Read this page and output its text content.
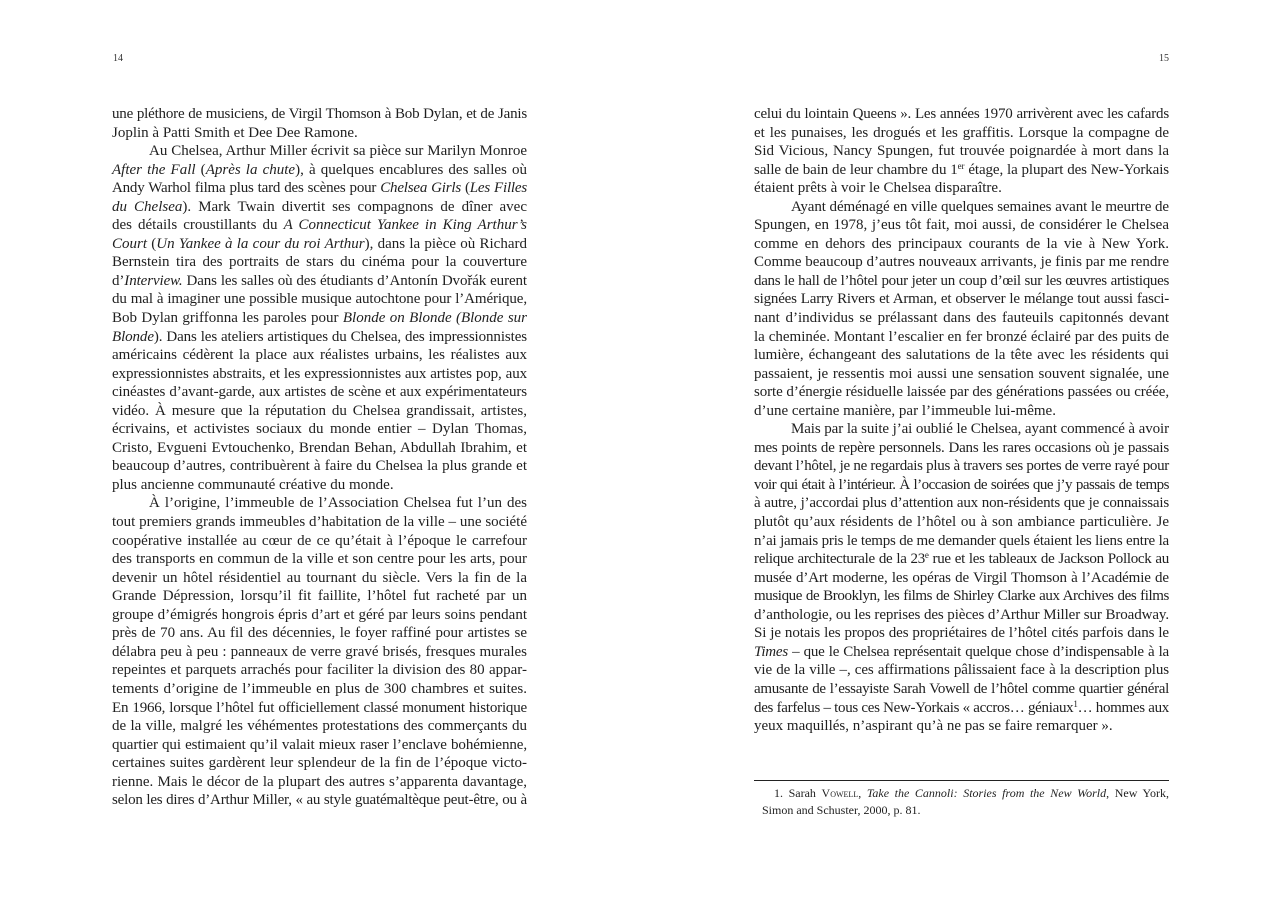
14	15
une pléthore de musiciens, de Virgil Thomson à Bob Dylan, et de Janis
Joplin à Patti Smith et Dee Dee Ramone.
Au Chelsea, Arthur Miller écrivit sa pièce sur Marilyn Monroe
After the Fall (Après la chute), à quelques encablures des salles où
Andy Warhol filma plus tard des scènes pour Chelsea Girls (Les Filles
du Chelsea). Mark Twain divertit ses compagnons de dîner avec
des détails croustillants du A Connecticut Yankee in King Arthur’s
Court (Un Yankee à la cour du roi Arthur), dans la pièce où Richard
Bernstein tira des portraits de stars du cinéma pour la couverture
d’Interview. Dans les salles où des étudiants d’Antonín Dvořák eurent
du mal à imaginer une possible musique autochtone pour l’Amérique,
Bob Dylan griffonna les paroles pour Blonde on Blonde (Blonde sur
Blonde). Dans les ateliers artistiques du Chelsea, des impressionnistes
américains cédèrent la place aux réalistes urbains, les réalistes aux
expressionnistes abstraits, et les expressionnistes aux artistes pop, aux
cinéastes d’avant-garde, aux artistes de scène et aux expérimentateurs
vidéo. À mesure que la réputation du Chelsea grandissait, artistes,
écrivains, et activistes sociaux du monde entier – Dylan Thomas,
Cristo, Evgueni Evtouchenko, Brendan Behan, Abdullah Ibrahim, et
beaucoup d’autres, contribuèrent à faire du Chelsea la plus grande et
plus ancienne communauté créative du monde.
À l’origine, l’immeuble de l’Association Chelsea fut l’un des
tout premiers grands immeubles d’habitation de la ville – une société
coopérative installée au cœur de ce qu’était à l’époque le carrefour
des transports en commun de la ville et son centre pour les arts, pour
devenir un hôtel résidentiel au tournant du siècle. Vers la fin de la
Grande Dépression, lorsqu’il fit faillite, l’hôtel fut racheté par un
groupe d’émigrés hongrois épris d’art et géré par leurs soins pendant
près de 70 ans. Au fil des décennies, le foyer raffiné pour artistes se
délabra peu à peu : panneaux de verre gravé brisés, fresques murales
repeintes et parquets arrachés pour faciliter la division des 80 appar-
tements d’origine de l’immeuble en plus de 300 chambres et suites.
En 1966, lorsque l’hôtel fut officiellement classé monument historique
de la ville, malgré les véhémentes protestations des commerçants du
quartier qui estimaient qu’il valait mieux raser l’enclave bohémienne,
certaines suites gardèrent leur splendeur de la fin de l’époque victo-
rienne. Mais le décor de la plupart des autres s’apparenta davantage,
selon les dires d’Arthur Miller, « au style guatémaltèque peut-être, ou à
celui du lointain Queens ». Les années 1970 arrivèrent avec les cafards
et les punaises, les drogués et les graffitis. Lorsque la compagne de
Sid Vicious, Nancy Spungen, fut trouvée poignardée à mort dans la
salle de bain de leur chambre du 1er étage, la plupart des New-Yorkais
étaient prêts à voir le Chelsea disparaître.
Ayant déménagé en ville quelques semaines avant le meurtre de
Spungen, en 1978, j’eus tôt fait, moi aussi, de considérer le Chelsea
comme en dehors des principaux courants de la vie à New York.
Comme beaucoup d’autres nouveaux arrivants, je finis par me rendre
dans le hall de l’hôtel pour jeter un coup d’œil sur les œuvres artistiques
signées Larry Rivers et Arman, et observer le mélange tout aussi fasci-
nant d’individus se prélassant dans des fauteuils capitonnés devant
la cheminée. Montant l’escalier en fer bronzé éclairé par des puits de
lumière, échangeant des salutations de la tête avec les résidents qui
passaient, je ressentis moi aussi une sensation souvent signalée, une
sorte d’énergie résiduelle laissée par des générations passées ou créée,
d’une certaine manière, par l’immeuble lui-même.
Mais par la suite j’ai oublié le Chelsea, ayant commencé à avoir
mes points de repère personnels. Dans les rares occasions où je passais
devant l’hôtel, je ne regardais plus à travers ses portes de verre rayé pour
voir qui était à l’intérieur. À l’occasion de soirées que j’y passais de temps
à autre, j’accordai plus d’attention aux non-résidents que je connaissais
plutôt qu’aux résidents de l’hôtel ou à son ambiance particulière. Je
n’ai jamais pris le temps de me demander quels étaient les liens entre la
relique architecturale de la 23e rue et les tableaux de Jackson Pollock au
musée d’Art moderne, les opéras de Virgil Thomson à l’Académie de
musique de Brooklyn, les films de Shirley Clarke aux Archives des films
d’anthologie, ou les reprises des pièces d’Arthur Miller sur Broadway.
Si je notais les propos des propriétaires de l’hôtel cités parfois dans le
Times – que le Chelsea représentait quelque chose d’indispensable à la
vie de la ville –, ces affirmations pâlissaient face à la description plus
amusante de l’essayiste Sarah Vowell de l’hôtel comme quartier général
des farfelus – tous ces New-Yorkais « accros… géniaux$^1$… hommes aux
yeux maquillés, n’aspirant qu’à ne pas se faire remarquer ».
1. Sarah Vowell, Take the Cannoli: Stories from the New World, New York,
Simon and Schuster, 2000, p. 81.
